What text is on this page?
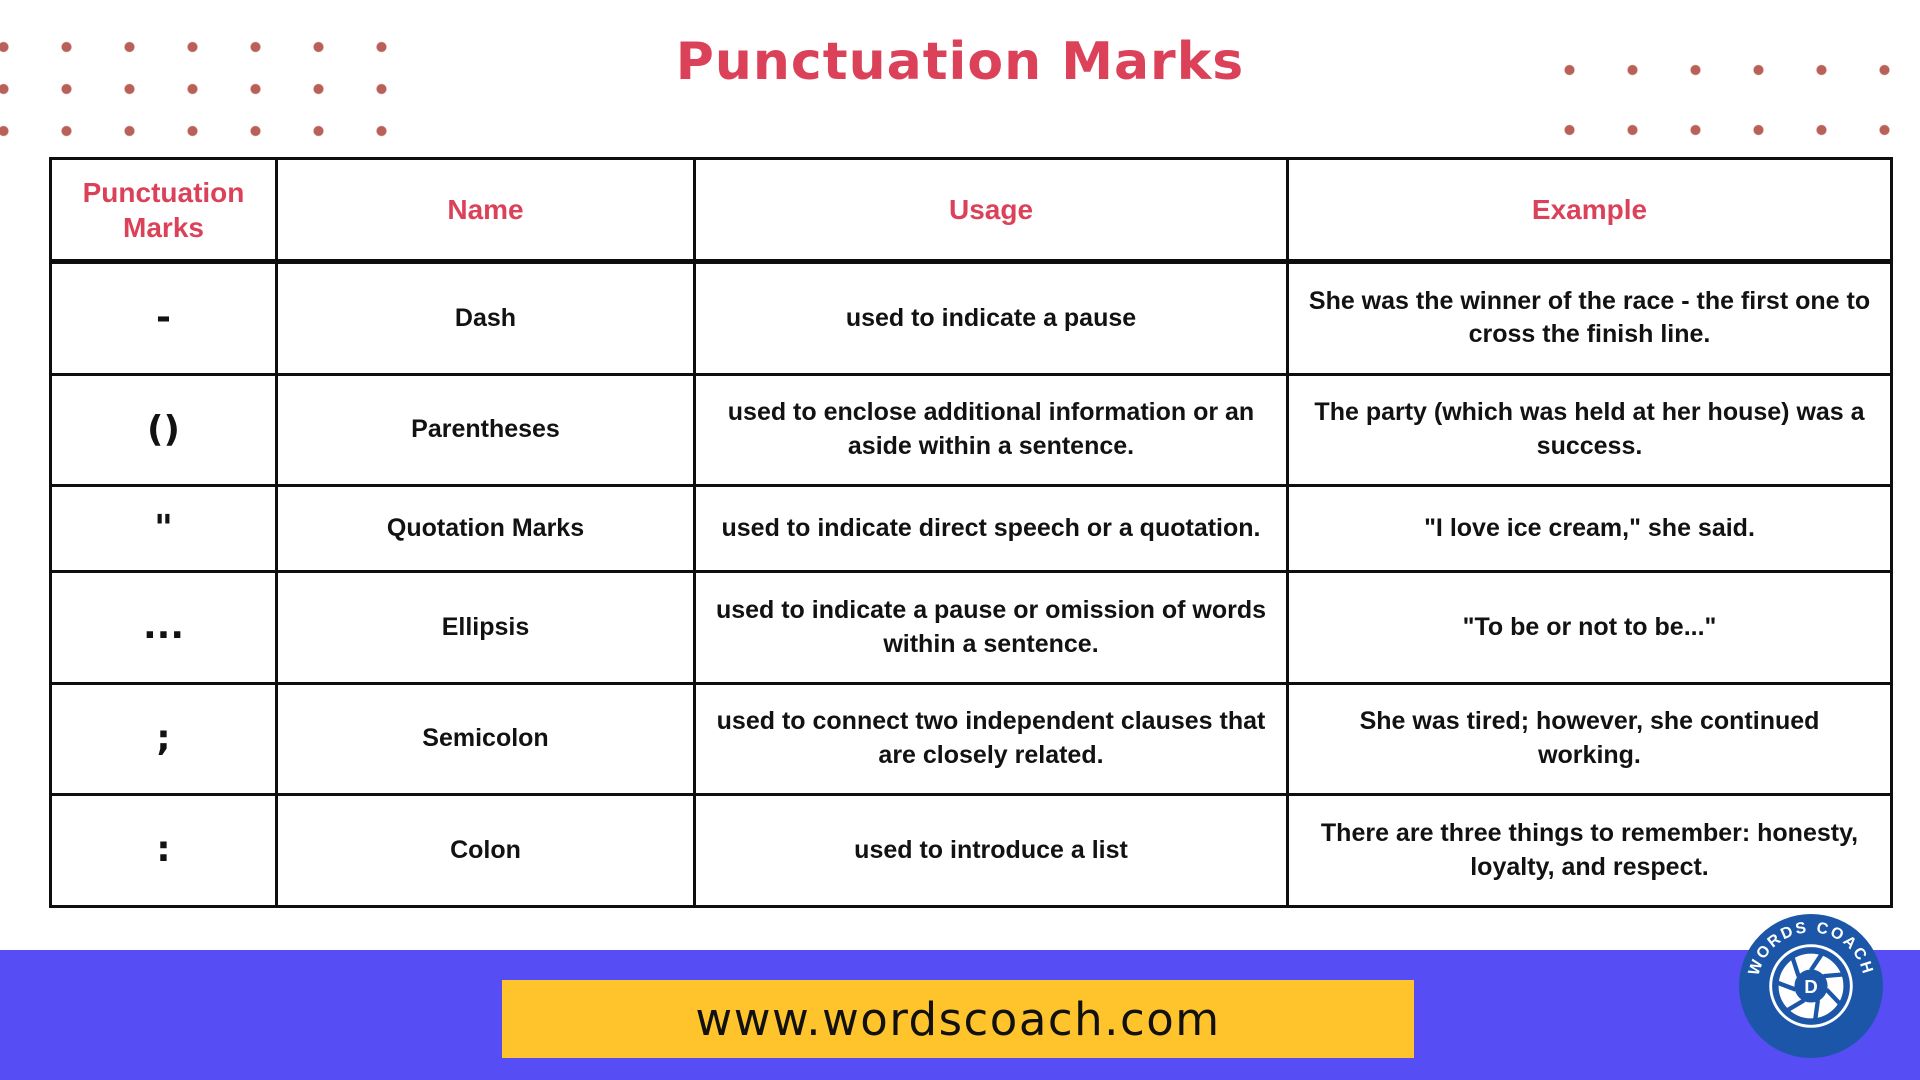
Punctuation Marks
Punctuation Marks	Name	Usage	Example
-	Dash	used to indicate a pause	She was the winner of the race - the first one to cross the finish line.
()	Parentheses	used to enclose additional information or an aside within a sentence.	The party (which was held at her house) was a success.
"	Quotation Marks	used to indicate direct speech or a quotation.	"I love ice cream," she said.
...	Ellipsis	used to indicate a pause or omission of words within a sentence.	"To be or not to be..."
;	Semicolon	used to connect two independent clauses that are closely related.	She was tired; however, she continued working.
:	Colon	used to introduce a list	There are three things to remember: honesty, loyalty, and respect.
www.wordscoach.com
WORDS COACH
D
